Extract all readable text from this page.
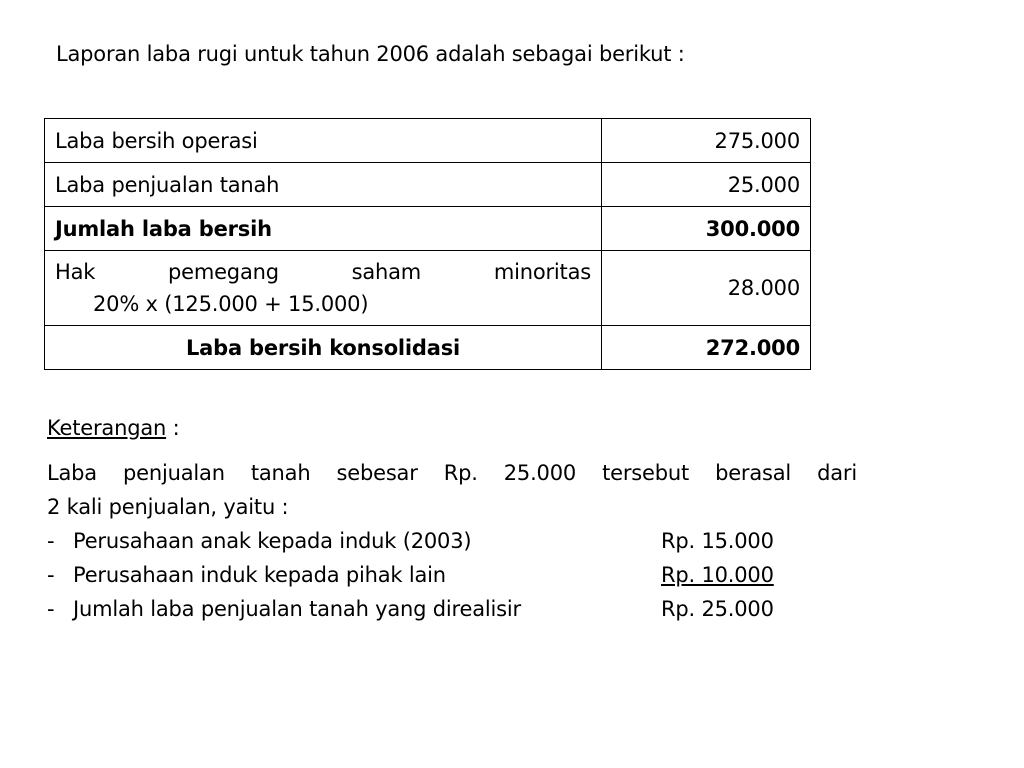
Laporan laba rugi untuk tahun 2006 adalah sebagai berikut :
Laba bersih operasi	275.000
Laba penjualan tanah	25.000
Jumlah laba bersih	300.000

Hak pemegang saham minoritas
20% x (125.000 + 15.000)	28.000
Laba bersih konsolidasi	272.000
Keterangan :
Laba penjualan tanah sebesar Rp. 25.000 tersebut berasal dari
2 kali penjualan, yaitu :
- Perusahaan anak kepada induk (2003)	Rp. 15.000
- Perusahaan induk kepada pihak lain	Rp. 10.000
- Jumlah laba penjualan tanah yang direalisir	Rp. 25.000
